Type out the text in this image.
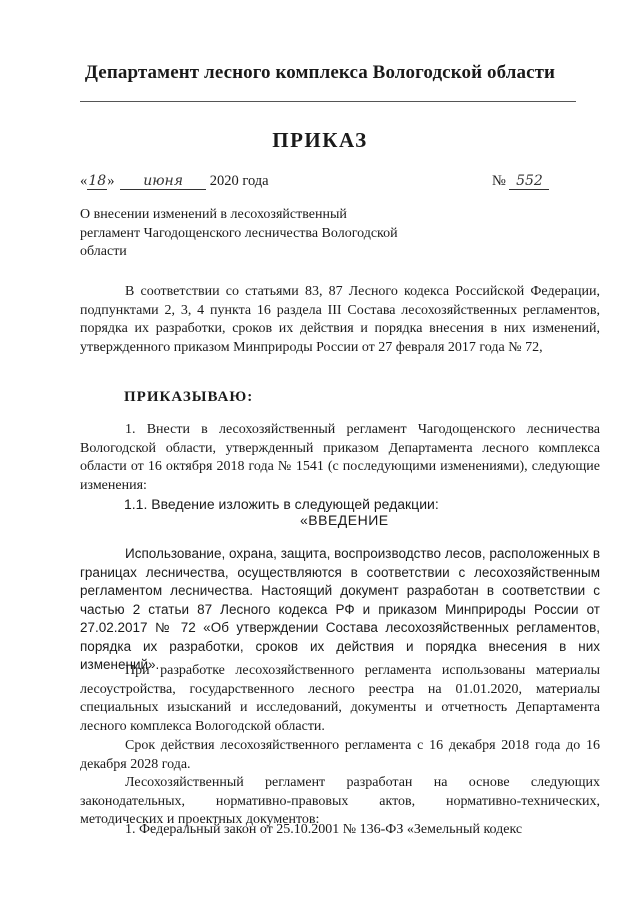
Департамент лесного комплекса Вологодской области
ПРИКАЗ
«18» июня 2020 года	№ 552
О внесении изменений в лесохозяйственный регламент Чагодощенского лесничества Вологодской области
В соответствии со статьями 83, 87 Лесного кодекса Российской Федерации, подпунктами 2, 3, 4 пункта 16 раздела III Состава лесохозяйственных регламентов, порядка их разработки, сроков их действия и порядка внесения в них изменений, утвержденного приказом Минприроды России от 27 февраля 2017 года № 72,
ПРИКАЗЫВАЮ:
1. Внести в лесохозяйственный регламент Чагодощенского лесничества Вологодской области, утвержденный приказом Департамента лесного комплекса области от 16 октября 2018 года № 1541 (с последующими изменениями), следующие изменения:
1.1. Введение изложить в следующей редакции:
«ВВЕДЕНИЕ
Использование, охрана, защита, воспроизводство лесов, расположенных в границах лесничества, осуществляются в соответствии с лесохозяйственным регламентом лесничества. Настоящий документ разработан в соответствии с частью 2 статьи 87 Лесного кодекса РФ и приказом Минприроды России от 27.02.2017 № 72 «Об утверждении Состава лесохозяйственных регламентов, порядка их разработки, сроков их действия и порядка внесения в них изменений».
При разработке лесохозяйственного регламента использованы материалы лесоустройства, государственного лесного реестра на 01.01.2020, материалы специальных изысканий и исследований, документы и отчетность Департамента лесного комплекса Вологодской области.
Срок действия лесохозяйственного регламента с 16 декабря 2018 года до 16 декабря 2028 года.
Лесохозяйственный регламент разработан на основе следующих законодательных, нормативно-правовых актов, нормативно-технических, методических и проектных документов:
1. Федеральный закон от 25.10.2001 № 136-ФЗ «Земельный кодекс
